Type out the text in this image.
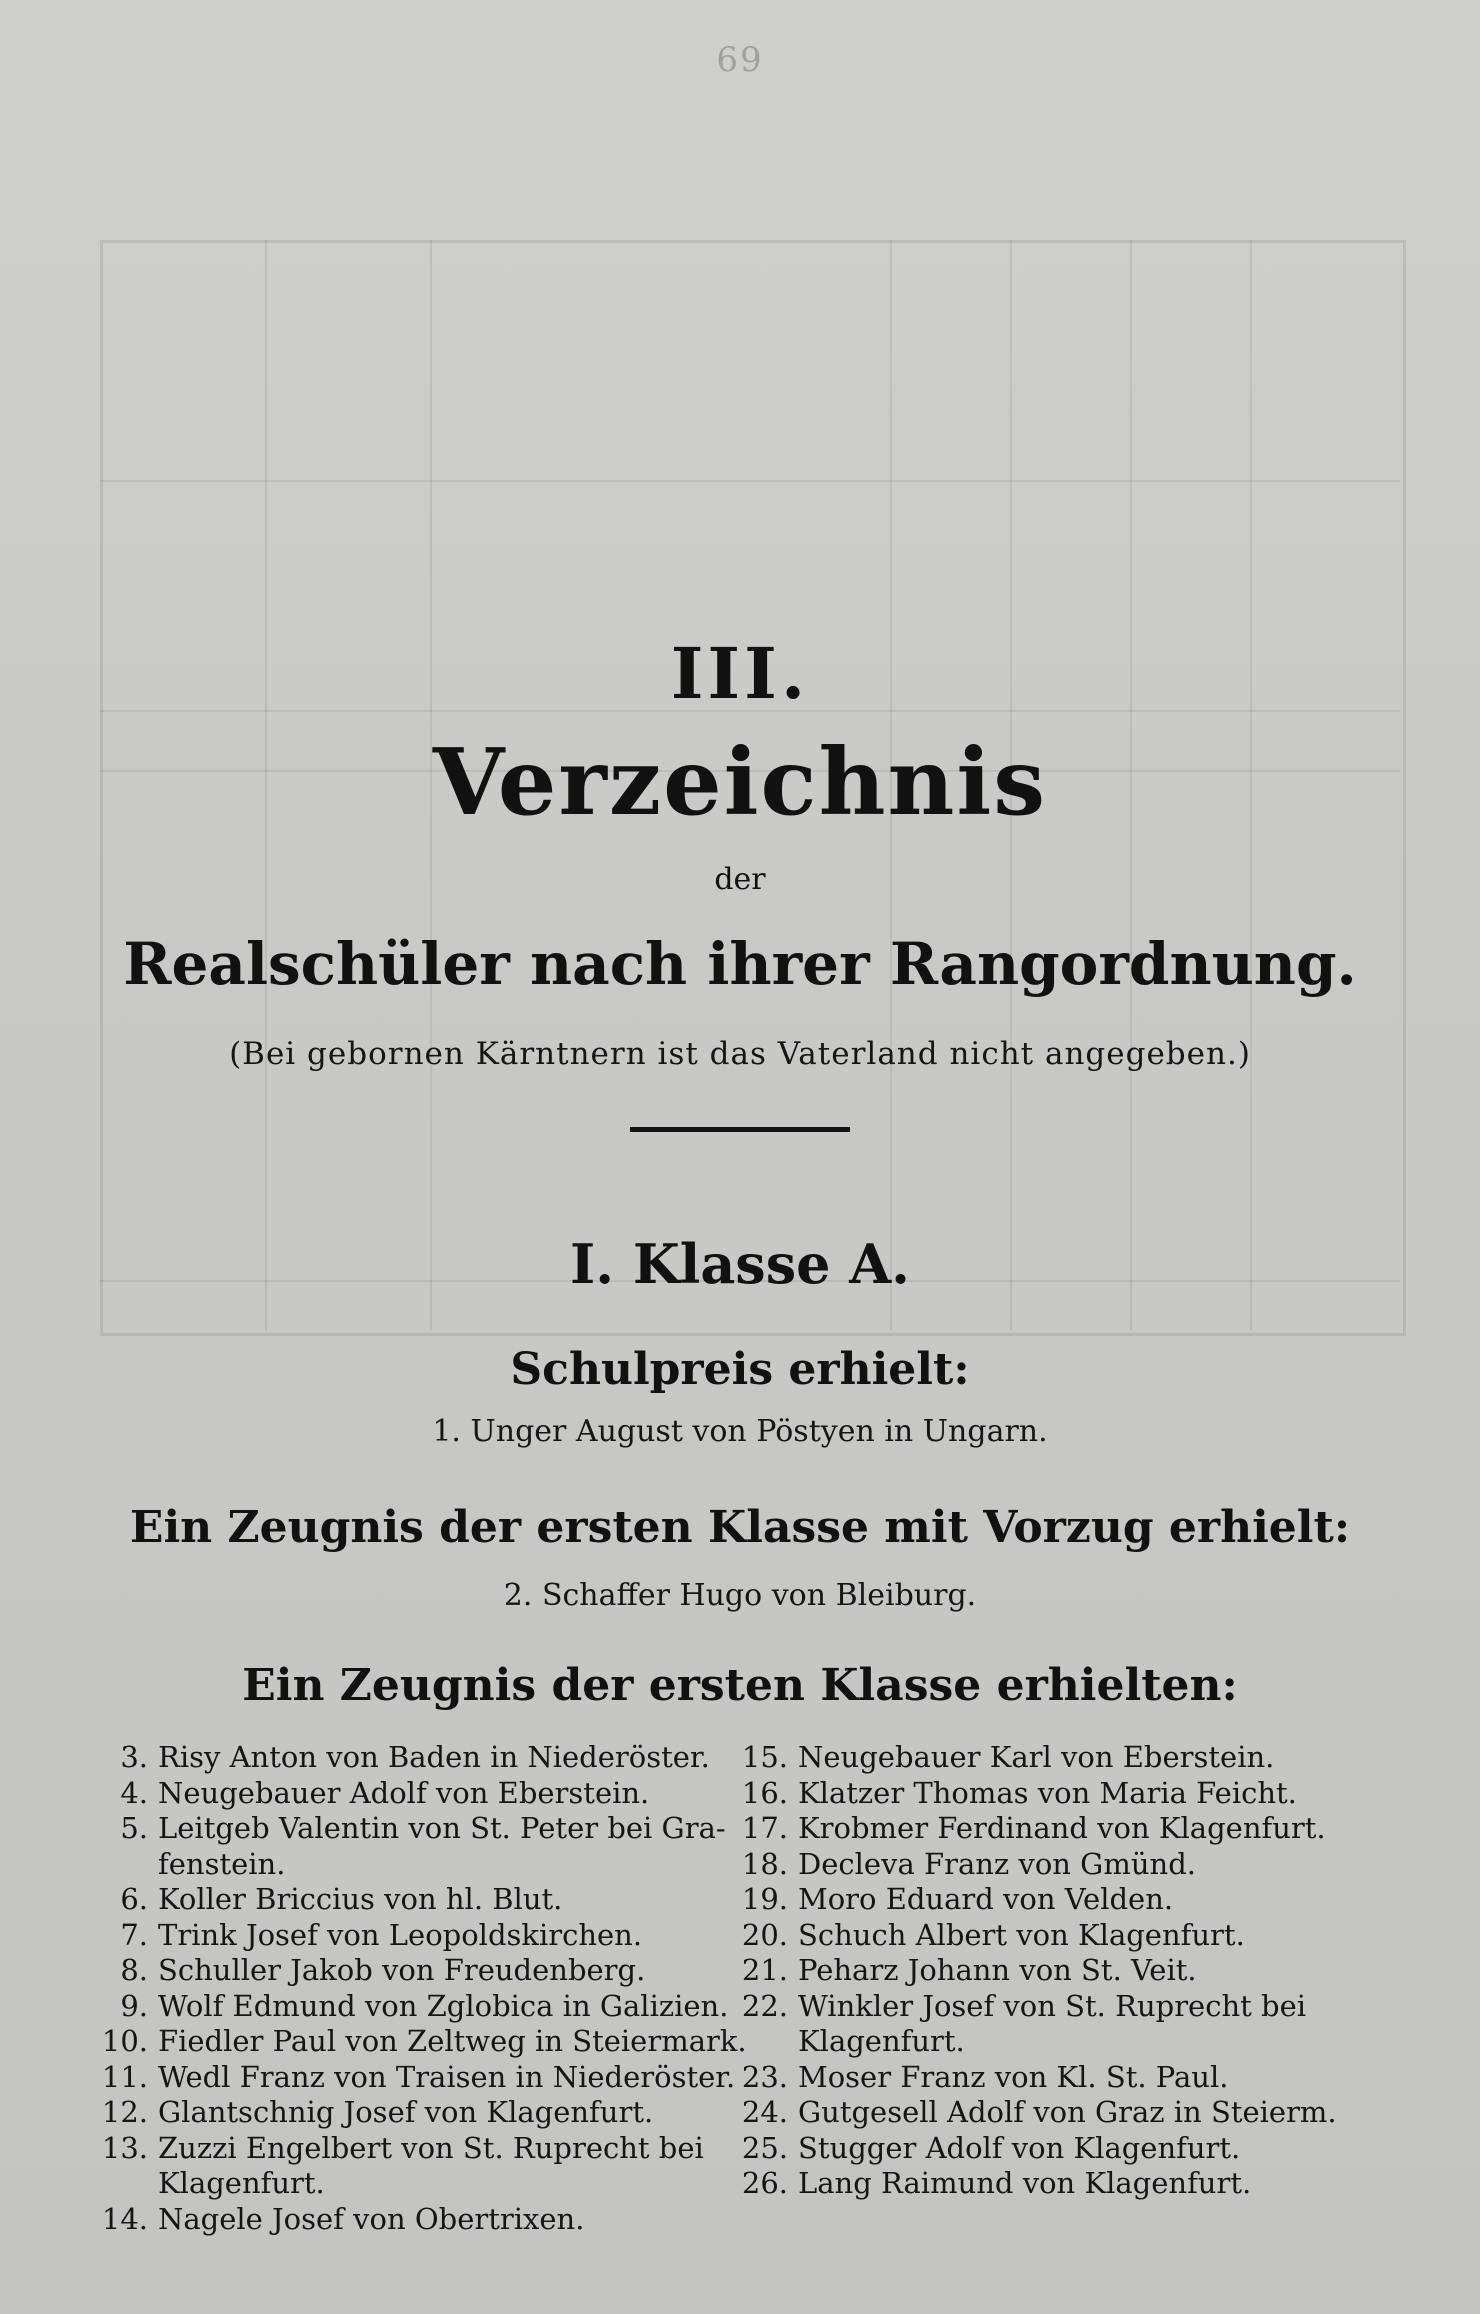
69
III.
Verzeichnis
der
Realschüler nach ihrer Rangordnung.
(Bei gebornen Kärntnern ist das Vaterland nicht angegeben.)
I. Klasse A.
Schulpreis erhielt:
1. Unger August von Pöstyen in Ungarn.
Ein Zeugnis der ersten Klasse mit Vorzug erhielt:
2. Schaffer Hugo von Bleiburg.
Ein Zeugnis der ersten Klasse erhielten:
3. Risy Anton von Baden in Niederöster.
4. Neugebauer Adolf von Eberstein.
5. Leitgeb Valentin von St. Peter bei Gra-
fenstein.
6. Koller Briccius von hl. Blut.
7. Trink Josef von Leopoldskirchen.
8. Schuller Jakob von Freudenberg.
9. Wolf Edmund von Zglobica in Galizien.
10. Fiedler Paul von Zeltweg in Steiermark.
11. Wedl Franz von Traisen in Niederöster.
12. Glantschnig Josef von Klagenfurt.
13. Zuzzi Engelbert von St. Ruprecht bei
Klagenfurt.
14. Nagele Josef von Obertrixen.
15. Neugebauer Karl von Eberstein.
16. Klatzer Thomas von Maria Feicht.
17. Krobmer Ferdinand von Klagenfurt.
18. Decleva Franz von Gmünd.
19. Moro Eduard von Velden.
20. Schuch Albert von Klagenfurt.
21. Peharz Johann von St. Veit.
22. Winkler Josef von St. Ruprecht bei
Klagenfurt.
23. Moser Franz von Kl. St. Paul.
24. Gutgesell Adolf von Graz in Steierm.
25. Stugger Adolf von Klagenfurt.
26. Lang Raimund von Klagenfurt.
